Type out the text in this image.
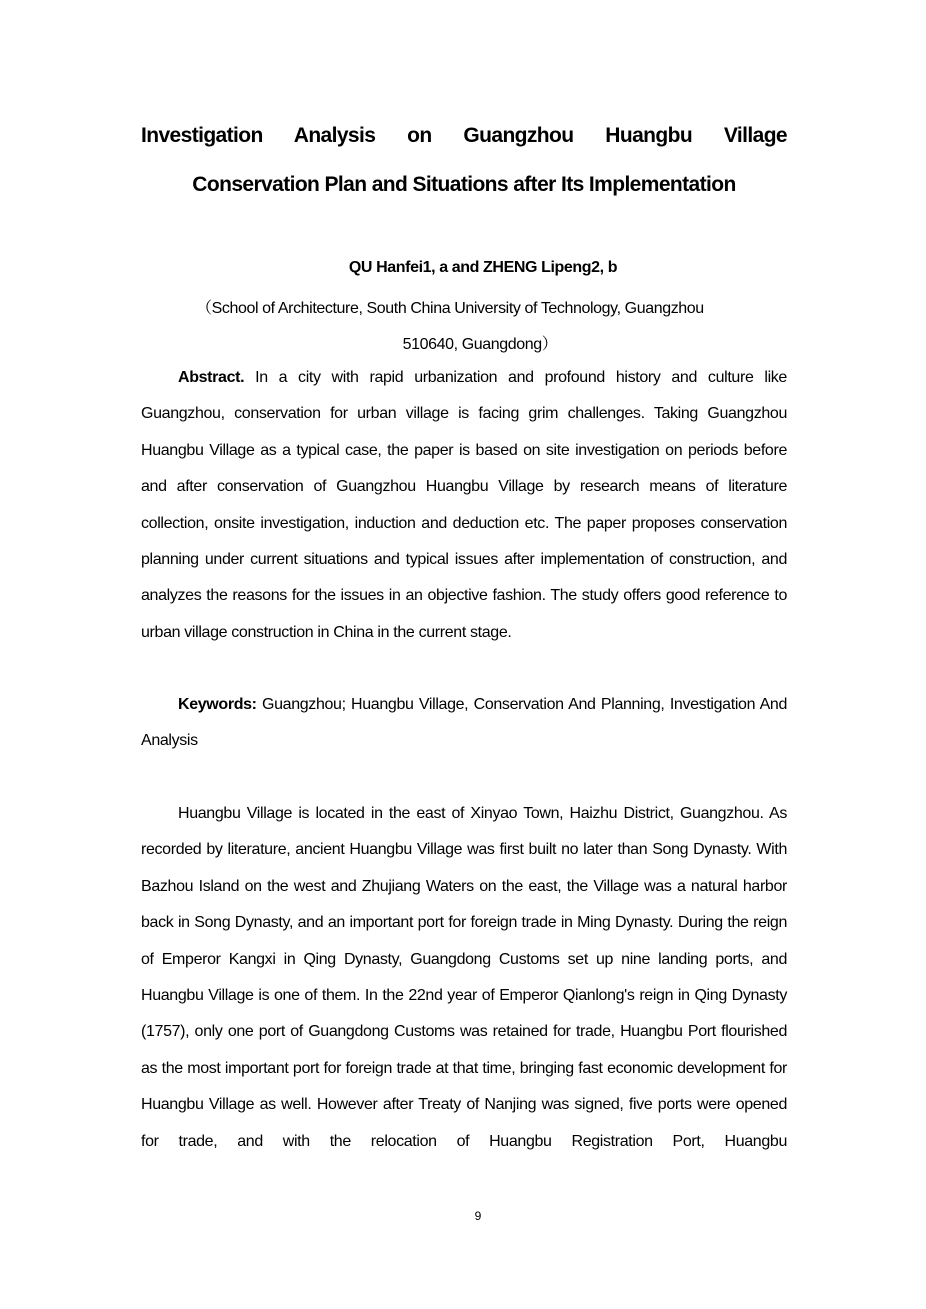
Investigation Analysis on Guangzhou Huangbu Village
Conservation Plan and Situations after Its Implementation
QU Hanfei1, a and ZHENG Lipeng2, b
（School of Architecture, South China University of Technology, Guangzhou
510640, Guangdong）

Abstract. In a city with rapid urbanization and profound history and culture like Guangzhou, conservation for urban village is facing grim challenges. Taking Guangzhou Huangbu Village as a typical case, the paper is based on site investigation on periods before and after conservation of Guangzhou Huangbu Village by research means of literature collection, onsite investigation, induction and deduction etc. The paper proposes conservation planning under current situations and typical issues after implementation of construction, and analyzes the reasons for the issues in an objective fashion. The study offers good reference to urban village construction in China in the current stage.

Keywords: Guangzhou; Huangbu Village, Conservation And Planning, Investigation And Analysis

Huangbu Village is located in the east of Xinyao Town, Haizhu District, Guangzhou. As recorded by literature, ancient Huangbu Village was first built no later than Song Dynasty. With Bazhou Island on the west and Zhujiang Waters on the east, the Village was a natural harbor back in Song Dynasty, and an important port for foreign trade in Ming Dynasty. During the reign of Emperor Kangxi in Qing Dynasty, Guangdong Customs set up nine landing ports, and Huangbu Village is one of them. In the 22nd year of Emperor Qianlong's reign in Qing Dynasty (1757), only one port of Guangdong Customs was retained for trade, Huangbu Port flourished as the most important port for foreign trade at that time, bringing fast economic development for Huangbu Village as well. However after Treaty of Nanjing was signed, five ports were opened for trade, and with the relocation of Huangbu Registration Port, Huangbu

9
